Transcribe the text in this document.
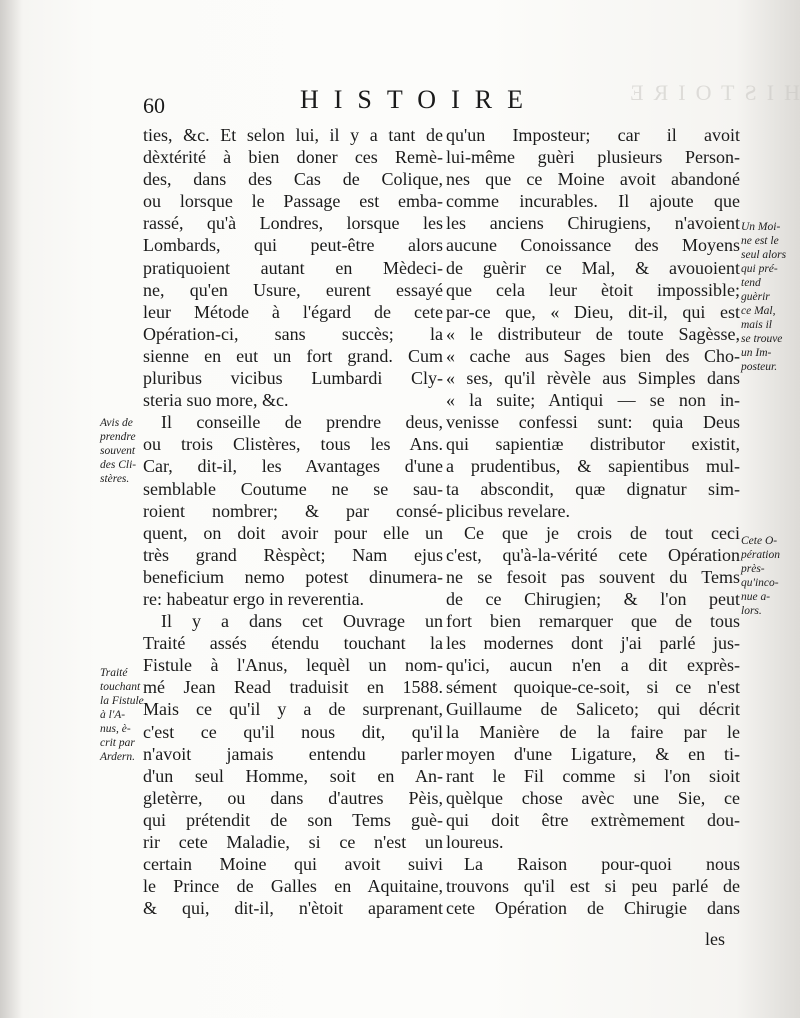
HISTOIRE
60	HISTOIRE
ties, &c. Et selon lui, il y a tant de
dèxtérité à bien doner ces Remè-
des, dans des Cas de Colique,
ou lorsque le Passage est emba-
rassé, qu'à Londres, lorsque les
Lombards, qui peut-être alors
pratiquoient autant en Mèdeci-
ne, qu'en Usure, eurent essayé
leur Métode à l'égard de cete
Opération-ci, sans succès; la
sienne en eut un fort grand. Cum
pluribus vicibus Lumbardi Cly-
steria suo more, &c.
Il conseille de prendre deus,
ou trois Clistères, tous les Ans.
Car, dit-il, les Avantages d'une
semblable Coutume ne se sau-
roient nombrer; & par consé-
quent, on doit avoir pour elle un
très grand Rèspèct; Nam ejus
beneficium nemo potest dinumera-
re: habeatur ergo in reverentia.
Il y a dans cet Ouvrage un
Traité assés étendu touchant la
Fistule à l'Anus, lequèl un nom-
mé Jean Read traduisit en 1588.
Mais ce qu'il y a de surprenant,
c'est ce qu'il nous dit, qu'il
n'avoit jamais entendu parler
d'un seul Homme, soit en An-
gletèrre, ou dans d'autres Pèis,
qui prétendit de son Tems guè-
rir cete Maladie, si ce n'est un
certain Moine qui avoit suivi
le Prince de Galles en Aquitaine,
& qui, dit-il, n'ètoit aparament
qu'un Imposteur; car il avoit
lui-même guèri plusieurs Person-
nes que ce Moine avoit abandoné
comme incurables. Il ajoute que
les anciens Chirugiens, n'avoient
aucune Conoissance des Moyens
de guèrir ce Mal, & avouoient
que cela leur ètoit impossible;
par-ce que, « Dieu, dit-il, qui est
« le distributeur de toute Sagèsse,
« cache aus Sages bien des Cho-
« ses, qu'il rèvèle aus Simples dans
« la suite; Antiqui — se non in-
venisse confessi sunt: quia Deus
qui sapientiæ distributor existit,
a prudentibus, & sapientibus mul-
ta abscondit, quæ dignatur sim-
plicibus revelare.
Ce que je crois de tout ceci
c'est, qu'à-la-vérité cete Opération
ne se fesoit pas souvent du Tems
de ce Chirugien; & l'on peut
fort bien remarquer que de tous
les modernes dont j'ai parlé jus-
qu'ici, aucun n'en a dit exprès-
sément quoique-ce-soit, si ce n'est
Guillaume de Saliceto; qui décrit
la Manière de la faire par le
moyen d'une Ligature, & en ti-
rant le Fil comme si l'on sioit
quèlque chose avèc une Sie, ce
qui doit être extrèmement dou-
loureus.
La Raison pour-quoi nous
trouvons qu'il est si peu parlé de
cete Opération de Chirugie dans
Avis de
prendre
souvent
des Cli-
stères.
Traité
touchant
la Fistule
à l'A-
nus, è-
crit par
Ardern.
Un Moi-
ne est le
seul alors
qui pré-
tend
guèrir
ce Mal,
mais il
se trouve
un Im-
posteur.
Cete O-
pération
près-
qu'inco-
nue a-
lors.
les
